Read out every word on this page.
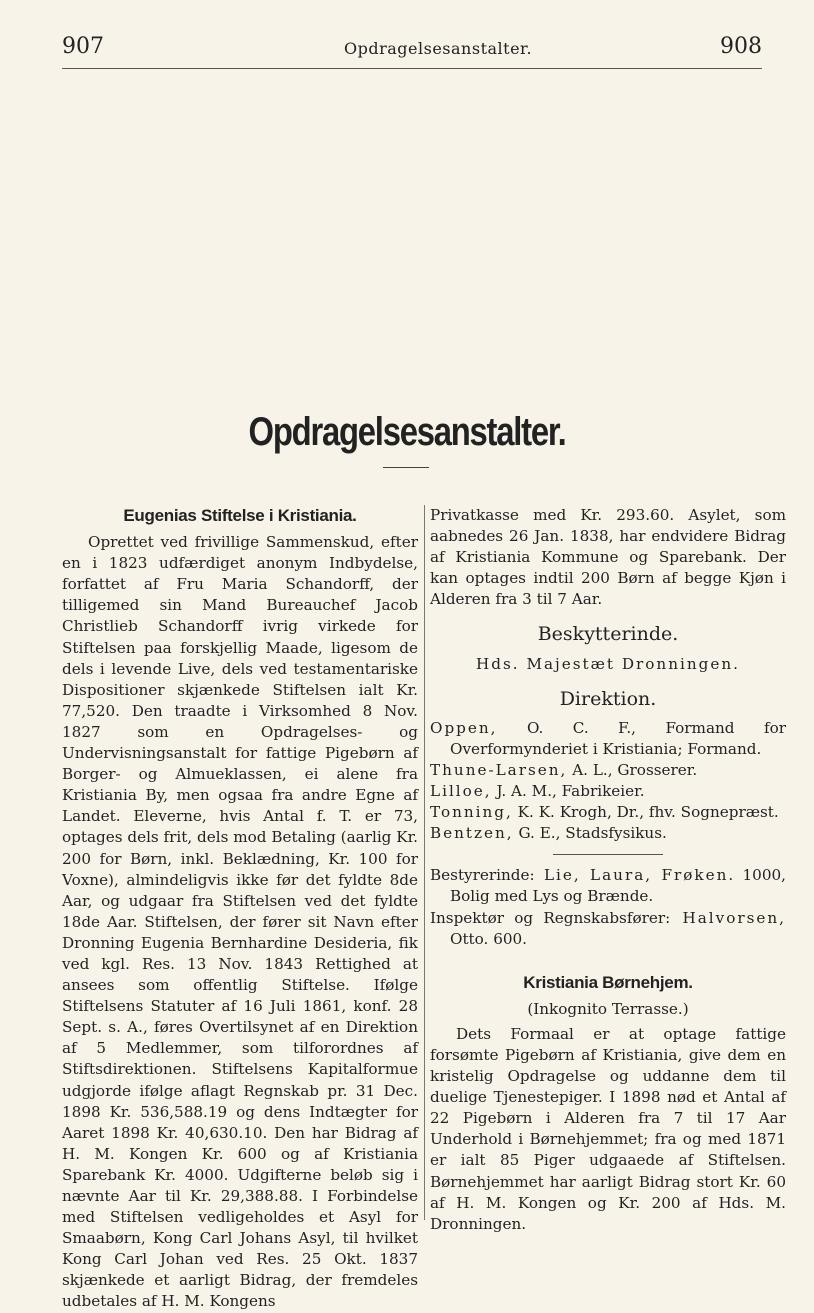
907	Opdragelsesanstalter.	908
Opdragelsesanstalter.
Eugenias Stiftelse i Kristiania.

Oprettet ved frivillige Sammenskud, efter en i 1823 udfærdiget anonym Indbydelse, forfattet af Fru Maria Schandorff, der tilligemed sin Mand Bureauchef Jacob Christlieb Schandorff ivrig virkede for Stiftelsen paa forskjellig Maade, ligesom de dels i levende Live, dels ved testamentariske Dispositioner skjænkede Stiftelsen ialt Kr. 77,520. Den traadte i Virksomhed 8 Nov. 1827 som en Opdragelses- og Undervisningsanstalt for fattige Pigebørn af Borger- og Almueklassen, ei alene fra Kristiania By, men ogsaa fra andre Egne af Landet. Eleverne, hvis Antal f. T. er 73, optages dels frit, dels mod Betaling (aarlig Kr. 200 for Børn, inkl. Beklædning, Kr. 100 for Voxne), almindeligvis ikke før det fyldte 8de Aar, og udgaar fra Stiftelsen ved det fyldte 18de Aar. Stiftelsen, der fører sit Navn efter Dronning Eugenia Bernhardine Desideria, fik ved kgl. Res. 13 Nov. 1843 Rettighed at ansees som offentlig Stiftelse. Ifølge Stiftelsens Statuter af 16 Juli 1861, konf. 28 Sept. s. A., føres Overtilsynet af en Direktion af 5 Medlemmer, som tilforordnes af Stiftsdirektionen. Stiftelsens Kapitalformue udgjorde ifølge aflagt Regnskab pr. 31 Dec. 1898 Kr. 536,588.19 og dens Indtægter for Aaret 1898 Kr. 40,630.10. Den har Bidrag af H. M. Kongen Kr. 600 og af Kristiania Sparebank Kr. 4000. Udgifterne beløb sig i nævnte Aar til Kr. 29,388.88. I Forbindelse med Stiftelsen vedligeholdes et Asyl for Smaabørn, Kong Carl Johans Asyl, til hvilket Kong Carl Johan ved Res. 25 Okt. 1837 skjænkede et aarligt Bidrag, der fremdeles udbetales af H. M. Kongens

Privatkasse med Kr. 293.60. Asylet, som aabnedes 26 Jan. 1838, har endvidere Bidrag af Kristiania Kommune og Sparebank. Der kan optages indtil 200 Børn af begge Kjøn i Alderen fra 3 til 7 Aar.

Beskytterinde.

Hds. Majestæt Dronningen.

Direktion.

Oppen, O. C. F., Formand for Overformynderiet i Kristiania; Formand.

Thune-Larsen, A. L., Grosserer.

Lilloe, J. A. M., Fabrikeier.

Tonning, K. K. Krogh, Dr., fhv. Sognepræst.

Bentzen, G. E., Stadsfysikus.

Bestyrerinde: Lie, Laura, Frøken. 1000, Bolig med Lys og Brænde.

Inspektør og Regnskabsfører: Halvorsen, Otto. 600.

Kristiania Børnehjem.

(Inkognito Terrasse.)

Dets Formaal er at optage fattige forsømte Pigebørn af Kristiania, give dem en kristelig Opdragelse og uddanne dem til duelige Tjenestepiger. I 1898 nød et Antal af 22 Pigebørn i Alderen fra 7 til 17 Aar Underhold i Børnehjemmet; fra og med 1871 er ialt 85 Piger udgaaede af Stiftelsen. Børnehjemmet har aarligt Bidrag stort Kr. 60 af H. M. Kongen og Kr. 200 af Hds. M. Dronningen.
